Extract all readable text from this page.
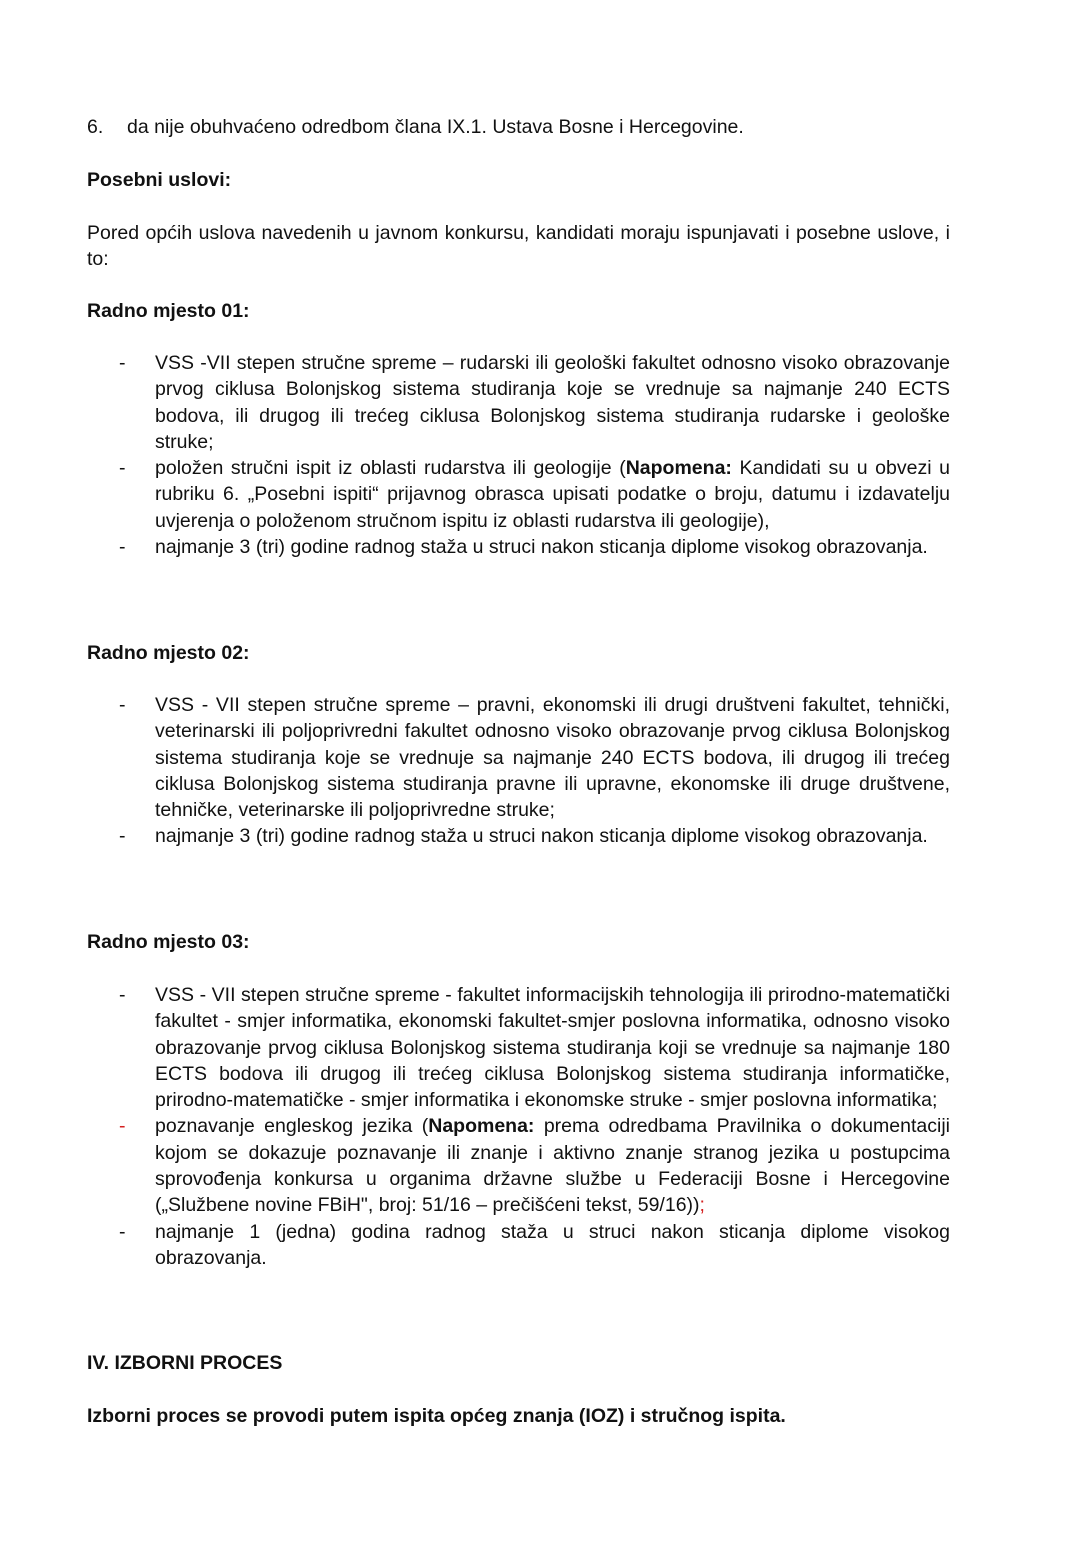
6.	da nije obuhvaćeno odredbom člana IX.1. Ustava Bosne i Hercegovine.
Posebni uslovi:
Pored općih uslova navedenih u javnom konkursu, kandidati moraju ispunjavati i posebne uslove, i to:
Radno mjesto 01:
-	VSS -VII stepen stručne spreme – rudarski ili geološki fakultet odnosno visoko obrazovanje prvog ciklusa Bolonjskog sistema studiranja koje se vrednuje sa najmanje 240 ECTS bodova, ili drugog ili trećeg ciklusa Bolonjskog sistema studiranja rudarske i geološke struke;
-	položen stručni ispit iz oblasti rudarstva ili geologije (Napomena: Kandidati su u obvezi u rubriku 6. „Posebni ispiti“ prijavnog obrasca upisati podatke o broju, datumu i izdavatelju uvjerenja o položenom stručnom ispitu iz oblasti rudarstva ili geologije),
-	najmanje 3 (tri) godine radnog staža u struci nakon sticanja diplome visokog obrazovanja.
Radno mjesto 02:
-	VSS - VII stepen stručne spreme – pravni, ekonomski ili drugi društveni fakultet, tehnički, veterinarski ili poljoprivredni fakultet odnosno visoko obrazovanje prvog ciklusa Bolonjskog sistema studiranja koje se vrednuje sa najmanje 240 ECTS bodova, ili drugog ili trećeg ciklusa Bolonjskog sistema studiranja pravne ili upravne, ekonomske ili druge društvene, tehničke, veterinarske ili poljoprivredne struke;
-	najmanje 3 (tri) godine radnog staža u struci nakon sticanja diplome visokog obrazovanja.
Radno mjesto 03:
-	VSS - VII stepen stručne spreme - fakultet informacijskih tehnologija ili prirodno-matematički fakultet - smjer informatika, ekonomski fakultet-smjer poslovna informatika, odnosno visoko obrazovanje prvog ciklusa Bolonjskog sistema studiranja koji se vrednuje sa najmanje 180 ECTS bodova ili drugog ili trećeg ciklusa Bolonjskog sistema studiranja informatičke, prirodno-matematičke - smjer informatika i ekonomske struke - smjer poslovna informatika;
-	poznavanje engleskog jezika (Napomena: prema odredbama Pravilnika o dokumentaciji kojom se dokazuje poznavanje ili znanje i aktivno znanje stranog jezika u postupcima sprovođenja konkursa u organima državne službe u Federaciji Bosne i Hercegovine („Službene novine FBiH", broj: 51/16 – prečišćeni tekst, 59/16));
-	najmanje 1 (jedna) godina radnog staža u struci nakon sticanja diplome visokog obrazovanja.
IV. IZBORNI PROCES
Izborni proces se provodi putem ispita općeg znanja (IOZ) i stručnog ispita.
